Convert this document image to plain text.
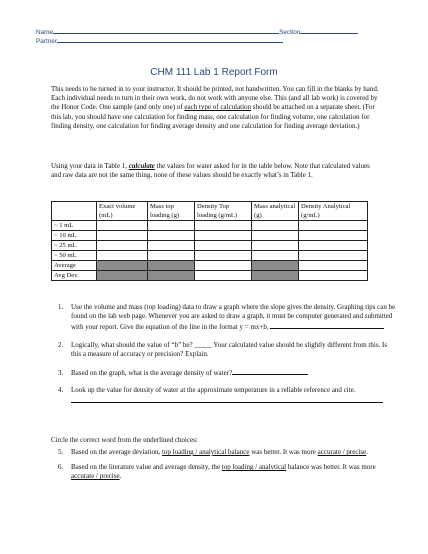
Name	Section
Partner
CHM 111 Lab 1 Report Form

This needs to be turned in to your instructor. It should be printed, not handwritten. You can fill in the blanks by hand. Each individual needs to turn in their own work, do not work with anyone else. This (and all lab work) is covered by the Honor Code. One sample (and only one) of each type of calculation should be attached on a separate sheet. (For this lab, you should have one calculation for finding mass, one calculation for finding volume, one calculation for finding density, one calculation for finding average density and one calculation for finding average deviation.)

Using your data in Table 1, calculate the values for water asked for in the table below. Note that calculated values and raw data are not the same thing, none of these values should be exactly what’s in Table 1.

	Exact volume (mL)	Mass top loading (g)	Density Top loading (g/mL)	Mass analytical (g)	Density Analytical (g/mL)
~ 1 mL					
~ 10 mL					
~ 25 mL					
~ 50 mL					
Average					
Avg Dev.					
1. Use the volume and mass (top loading) data to draw a graph where the slope gives the density. Graphing tips can be found on the lab web page. Whenever you are asked to draw a graph, it must be computer generated and submitted with your report. Give the equation of the line in the format y = mx+b.
2. Logically, what should the value of “b” be? _____ Your calculated value should be slightly different from this. Is this a measure of accuracy or precision? Explain.
3. Based on the graph, what is the average density of water?
4. Look up the value for density of water at the approximate temperature in a reliable reference and cite.

Circle the correct word from the underlined choices:

5. Based on the average deviation, top loading / analytical balance was better. It was more accurate / precise.
6. Based on the literature value and average density, the top loading / analytical balance was better. It was more accurate / precise.
